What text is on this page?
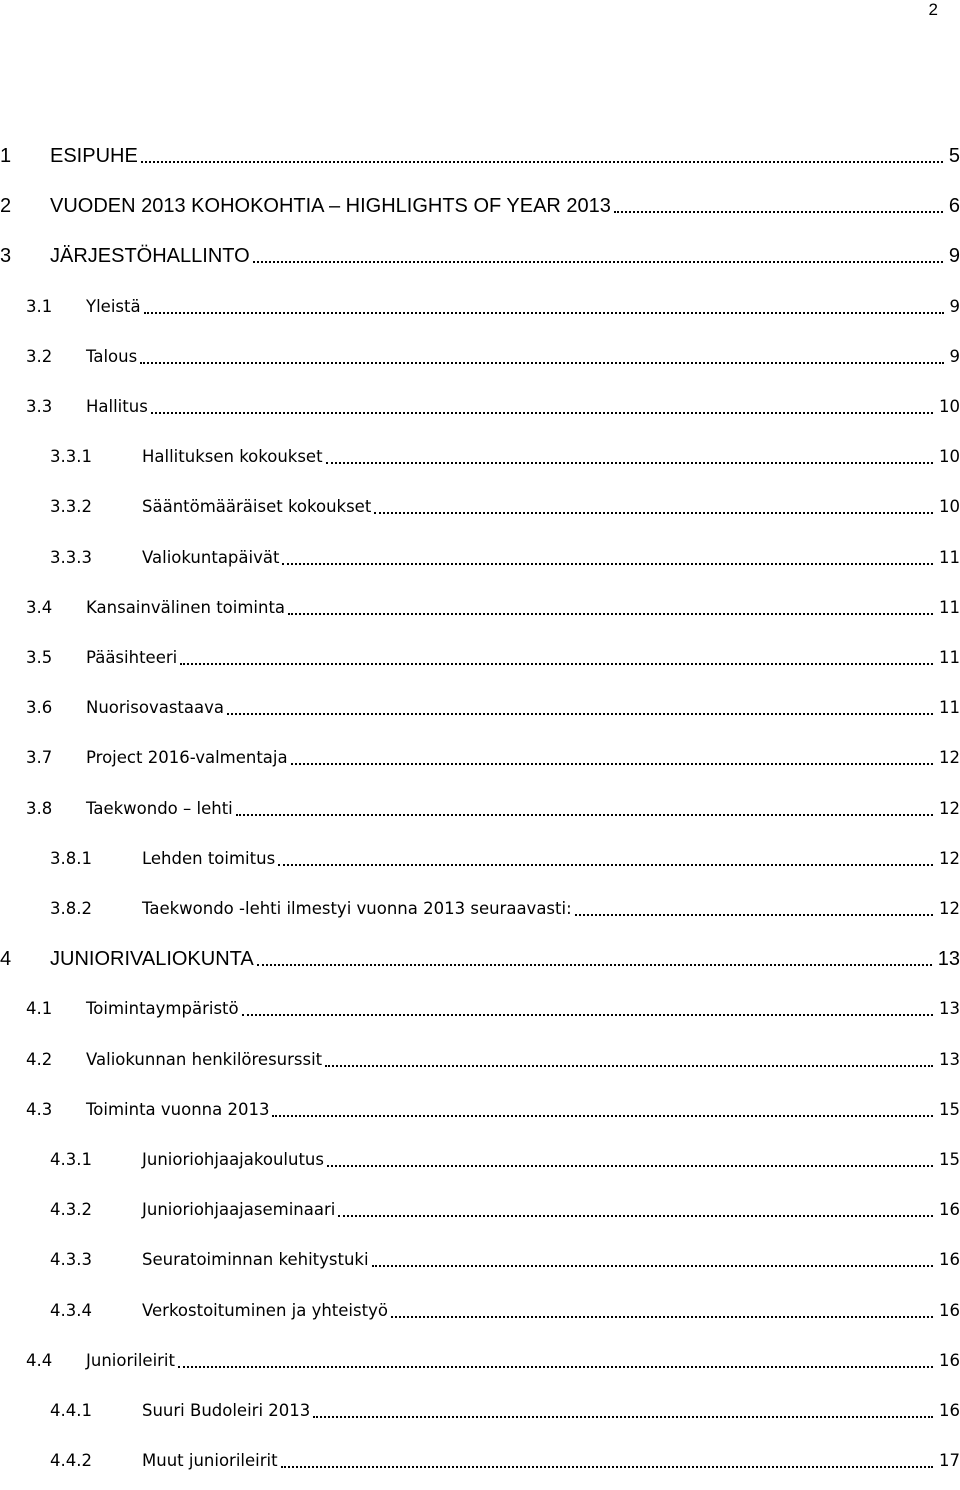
2
1 ESIPUHE	5
2 VUODEN 2013 KOHOKOHTIA – HIGHLIGHTS OF YEAR 2013	6
3 JÄRJESTÖHALLINTO	9
3.1 Yleistä	9
3.2 Talous	9
3.3 Hallitus	10
3.3.1	Hallituksen kokoukset	10
3.3.2	Sääntömääräiset kokoukset	10
3.3.3	Valiokuntapäivät	11
3.4 Kansainvälinen toiminta	11
3.5 Pääsihteeri	11
3.6 Nuorisovastaava	11
3.7 Project 2016-valmentaja	12
3.8 Taekwondo – lehti	12
3.8.1	Lehden toimitus	12
3.8.2	Taekwondo -lehti ilmestyi vuonna 2013 seuraavasti:	12
4 JUNIORIVALIOKUNTA	13
4.1 Toimintaympäristö	13
4.2 Valiokunnan henkilöresurssit	13
4.3 Toiminta vuonna 2013	15
4.3.1	Junioriohjaajakoulutus	15
4.3.2	Junioriohjaajaseminaari	16
4.3.3	Seuratoiminnan kehitystuki	16
4.3.4	Verkostoituminen ja yhteistyö	16
4.4 Juniorileirit	16
4.4.1	Suuri Budoleiri 2013	16
4.4.2	Muut juniorileirit	17
